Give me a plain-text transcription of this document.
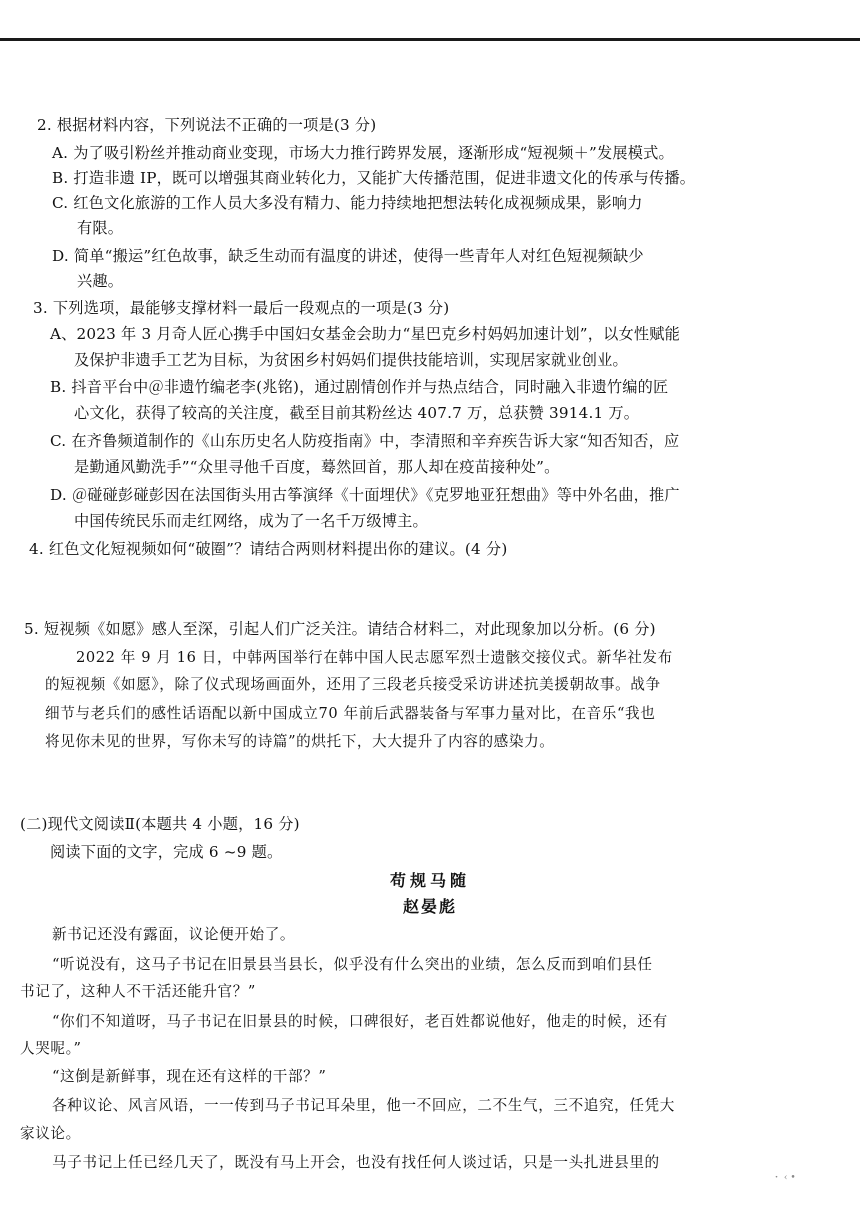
2. 根据材料内容，下列说法不正确的一项是(3 分)
A. 为了吸引粉丝并推动商业变现，市场大力推行跨界发展，逐渐形成“短视频＋”发展模式。
B. 打造非遗 IP，既可以增强其商业转化力，又能扩大传播范围，促进非遗文化的传承与传播。
C. 红色文化旅游的工作人员大多没有精力、能力持续地把想法转化成视频成果，影响力
有限。
D. 简单“搬运”红色故事，缺乏生动而有温度的讲述，使得一些青年人对红色短视频缺少
兴趣。
3. 下列选项，最能够支撑材料一最后一段观点的一项是(3 分)
A、2023 年 3 月奇人匠心携手中国妇女基金会助力“星巴克乡村妈妈加速计划”，以女性赋能
及保护非遗手工艺为目标，为贫困乡村妈妈们提供技能培训，实现居家就业创业。
B. 抖音平台中＠非遗竹编老李(兆铭)，通过剧情创作并与热点结合，同时融入非遗竹编的匠
心文化，获得了较高的关注度，截至目前其粉丝达 407.7 万，总获赞 3914.1 万。
C. 在齐鲁频道制作的《山东历史名人防疫指南》中，李清照和辛弃疾告诉大家“知否知否，应
是勤通风勤洗手”“众里寻他千百度，蓦然回首，那人却在疫苗接种处”。
D. ＠碰碰彭碰彭因在法国街头用古筝演绎《十面埋伏》《克罗地亚狂想曲》等中外名曲，推广
中国传统民乐而走红网络，成为了一名千万级博主。
4. 红色文化短视频如何“破圈”？请结合两则材料提出你的建议。(4 分)
5. 短视频《如愿》感人至深，引起人们广泛关注。请结合材料二，对此现象加以分析。(6 分)
2022 年 9 月 16 日，中韩两国举行在韩中国人民志愿军烈士遗骸交接仪式。新华社发布
的短视频《如愿》，除了仪式现场画面外，还用了三段老兵接受采访讲述抗美援朝故事。战争
细节与老兵们的感性话语配以新中国成立70 年前后武器装备与军事力量对比，在音乐“我也
将见你未见的世界，写你未写的诗篇”的烘托下，大大提升了内容的感染力。
(二)现代文阅读Ⅱ(本题共 4 小题，16 分)
阅读下面的文字，完成 6 ~9 题。
苟规马随
赵晏彪
新书记还没有露面，议论便开始了。
“听说没有，这马子书记在旧景县当县长，似乎没有什么突出的业绩，怎么反而到咱们县任
书记了，这种人不干活还能升官？”
“你们不知道呀，马子书记在旧景县的时候，口碑很好，老百姓都说他好，他走的时候，还有
人哭呢。”
“这倒是新鲜事，现在还有这样的干部？”
各种议论、风言风语，一一传到马子书记耳朵里，他一不回应，二不生气，三不追究，任凭大
家议论。
马子书记上任已经几天了，既没有马上开会，也没有找任何人谈过话，只是一头扎进县里的
・ ‹ •
